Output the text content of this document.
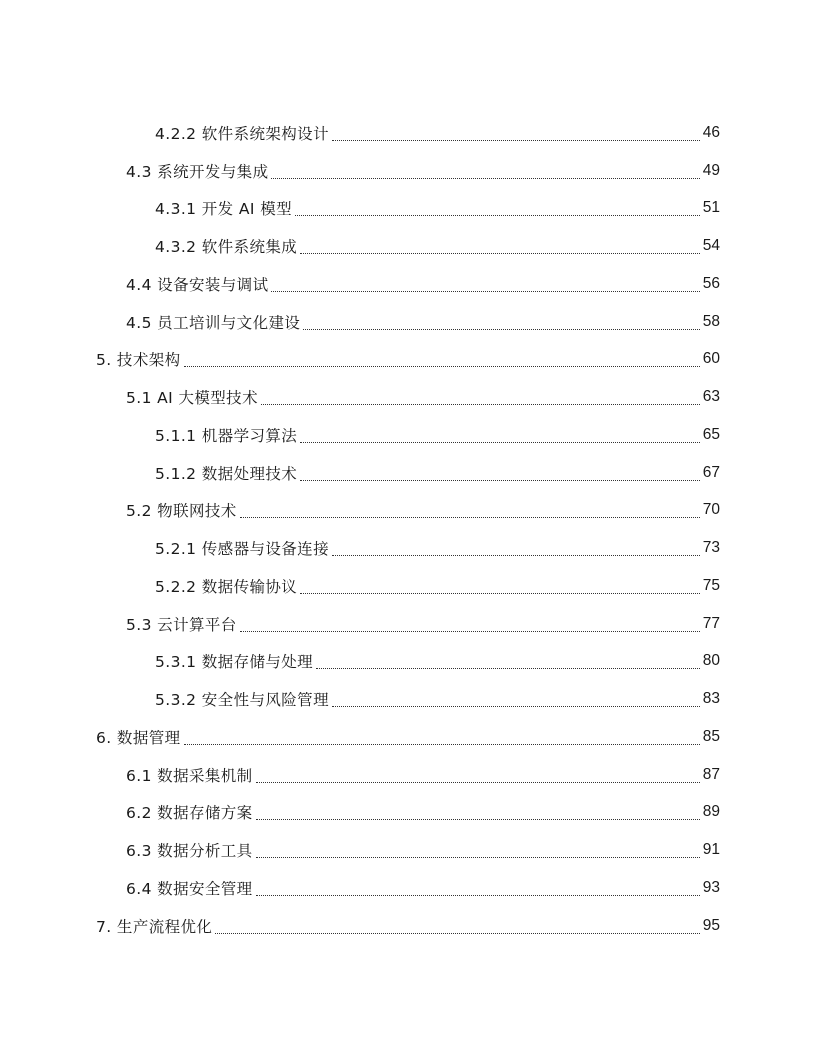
4.2.2 软件系统架构设计	46
4.3 系统开发与集成	49
4.3.1 开发 AI 模型	51
4.3.2 软件系统集成	54
4.4 设备安装与调试	56
4.5 员工培训与文化建设	58
5. 技术架构	60
5.1 AI 大模型技术	63
5.1.1 机器学习算法	65
5.1.2 数据处理技术	67
5.2 物联网技术	70
5.2.1 传感器与设备连接	73
5.2.2 数据传输协议	75
5.3 云计算平台	77
5.3.1 数据存储与处理	80
5.3.2 安全性与风险管理	83
6. 数据管理	85
6.1 数据采集机制	87
6.2 数据存储方案	89
6.3 数据分析工具	91
6.4 数据安全管理	93
7. 生产流程优化	95
